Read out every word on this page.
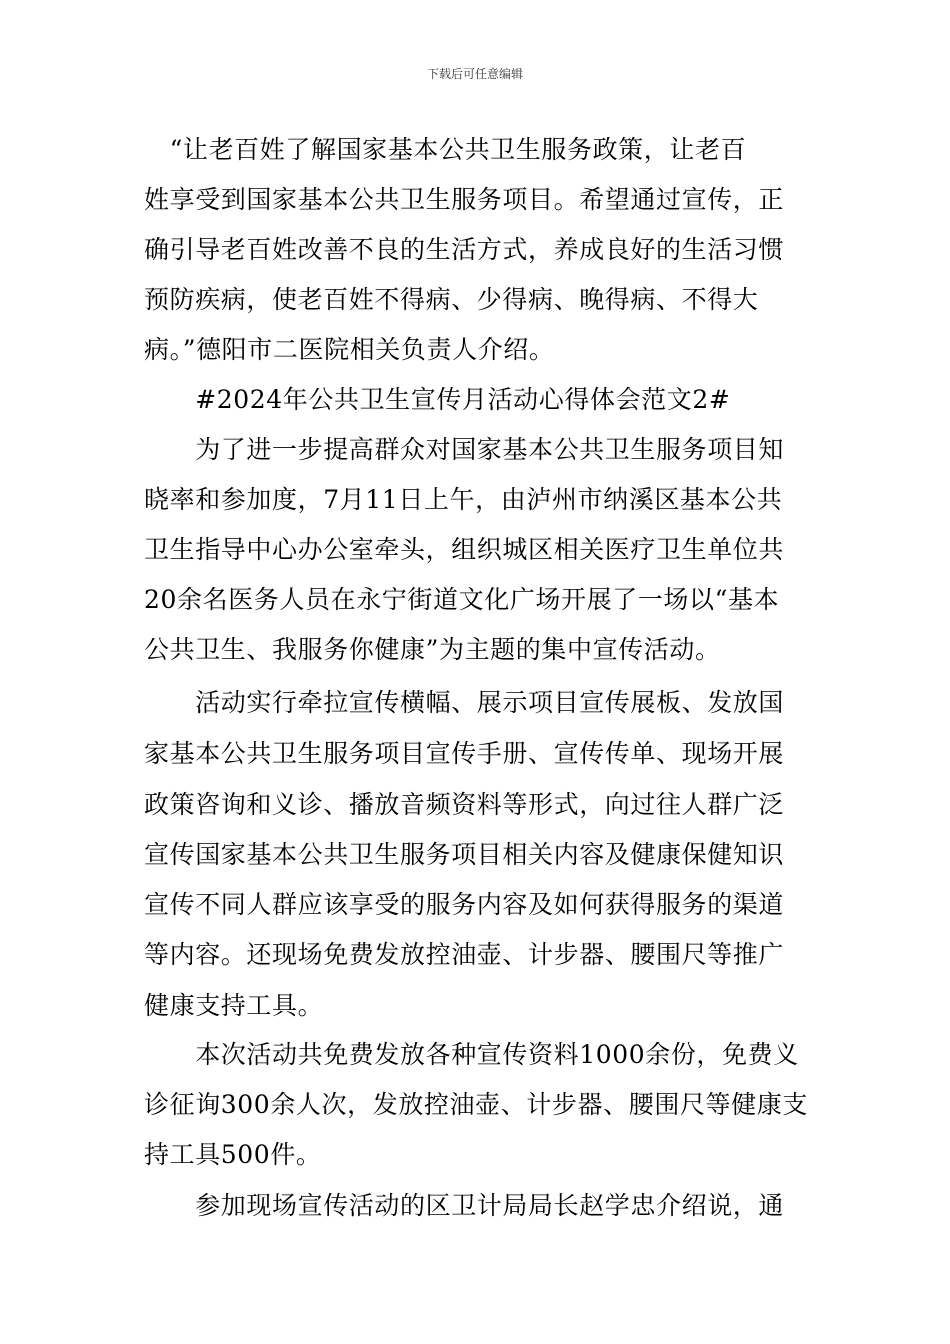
下载后可任意编辑
　“让老百姓了解国家基本公共卫生服务政策，让老百
姓享受到国家基本公共卫生服务项目。希望通过宣传，正
确引导老百姓改善不良的生活方式，养成良好的生活习惯
预防疾病，使老百姓不得病、少得病、晚得病、不得大
病。”德阳市二医院相关负责人介绍。
　　#2024年公共卫生宣传月活动心得体会范文2#
　　为了进一步提高群众对国家基本公共卫生服务项目知
晓率和参加度，7月11日上午，由泸州市纳溪区基本公共
卫生指导中心办公室牵头，组织城区相关医疗卫生单位共
20余名医务人员在永宁街道文化广场开展了一场以“基本
公共卫生、我服务你健康”为主题的集中宣传活动。
　　活动实行牵拉宣传横幅、展示项目宣传展板、发放国
家基本公共卫生服务项目宣传手册、宣传传单、现场开展
政策咨询和义诊、播放音频资料等形式，向过往人群广泛
宣传国家基本公共卫生服务项目相关内容及健康保健知识
宣传不同人群应该享受的服务内容及如何获得服务的渠道
等内容。还现场免费发放控油壶、计步器、腰围尺等推广
健康支持工具。
　　本次活动共免费发放各种宣传资料1000余份，免费义
诊征询300余人次，发放控油壶、计步器、腰围尺等健康支
持工具500件。
　　参加现场宣传活动的区卫计局局长赵学忠介绍说，通
